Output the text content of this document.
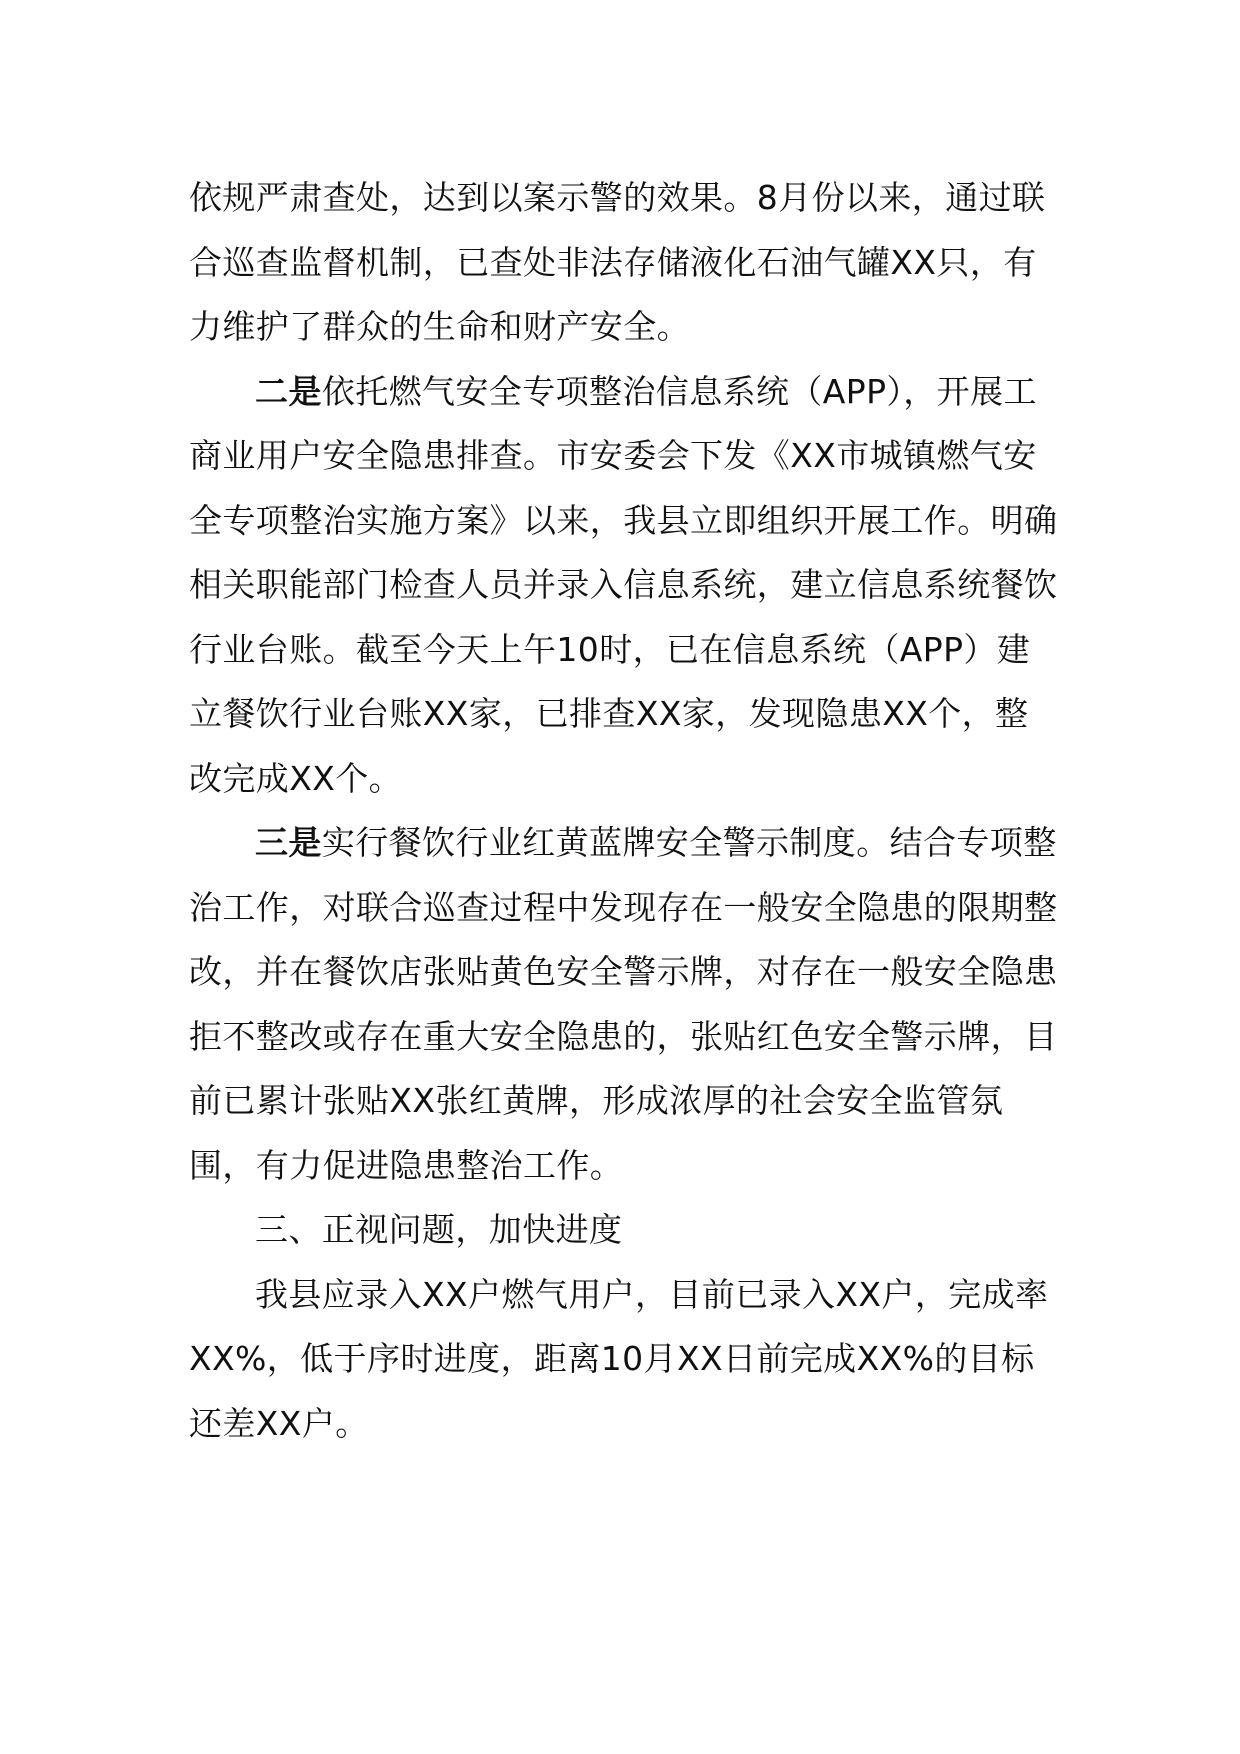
依规严肃查处，达到以案示警的效果。8月份以来，通过联合巡查监督机制，已查处非法存储液化石油气罐XX只，有力维护了群众的生命和财产安全。

二是依托燃气安全专项整治信息系统（APP），开展工商业用户安全隐患排查。市安委会下发《XX市城镇燃气安全专项整治实施方案》以来，我县立即组织开展工作。明确相关职能部门检查人员并录入信息系统，建立信息系统餐饮行业台账。截至今天上午10时，已在信息系统（APP）建立餐饮行业台账XX家，已排查XX家，发现隐患XX个，整改完成XX个。

三是实行餐饮行业红黄蓝牌安全警示制度。结合专项整治工作，对联合巡查过程中发现存在一般安全隐患的限期整改，并在餐饮店张贴黄色安全警示牌，对存在一般安全隐患拒不整改或存在重大安全隐患的，张贴红色安全警示牌，目前已累计张贴XX张红黄牌，形成浓厚的社会安全监管氛围，有力促进隐患整治工作。

三、正视问题，加快进度

我县应录入XX户燃气用户，目前已录入XX户，完成率XX%，低于序时进度，距离10月XX日前完成XX%的目标还差XX户。
